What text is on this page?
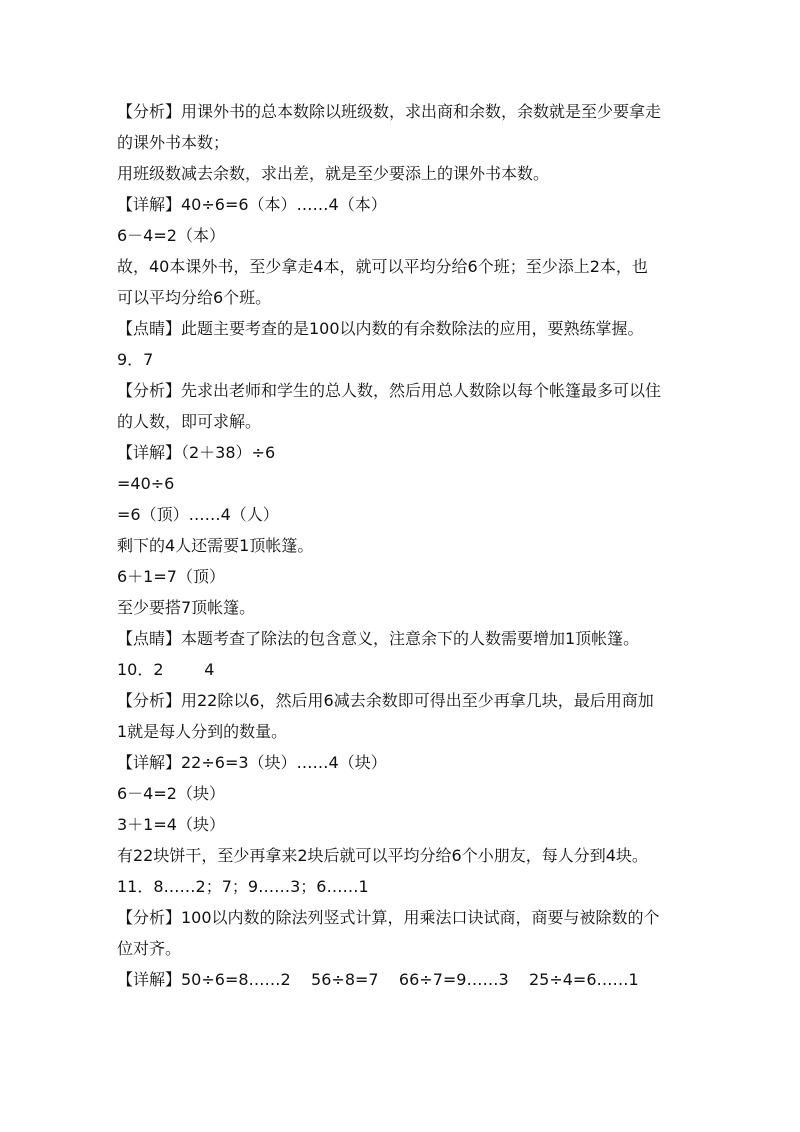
【分析】用课外书的总本数除以班级数，求出商和余数，余数就是至少要拿走
的课外书本数；
用班级数减去余数，求出差，就是至少要添上的课外书本数。
【详解】40÷6=6（本）……4（本）
6－4=2（本）
故，40本课外书，至少拿走4本，就可以平均分给6个班；至少添上2本，也
可以平均分给6个班。
【点睛】此题主要考查的是100以内数的有余数除法的应用，要熟练掌握。
9．7
【分析】先求出老师和学生的总人数，然后用总人数除以每个帐篷最多可以住
的人数，即可求解。
【详解】（2＋38）÷6
=40÷6
=6（顶）……4（人）
剩下的4人还需要1顶帐篷。
6＋1=7（顶）
至少要搭7顶帐篷。
【点睛】本题考查了除法的包含意义，注意余下的人数需要增加1顶帐篷。
10．2        4
【分析】用22除以6，然后用6减去余数即可得出至少再拿几块，最后用商加
1就是每人分到的数量。
【详解】22÷6=3（块）……4（块）
6－4=2（块）
3＋1=4（块）
有22块饼干，至少再拿来2块后就可以平均分给6个小朋友，每人分到4块。
11．8……2；7；9……3；6……1
【分析】100以内数的除法列竖式计算，用乘法口诀试商，商要与被除数的个
位对齐。
【详解】50÷6=8……2    56÷8=7    66÷7=9……3    25÷4=6……1
